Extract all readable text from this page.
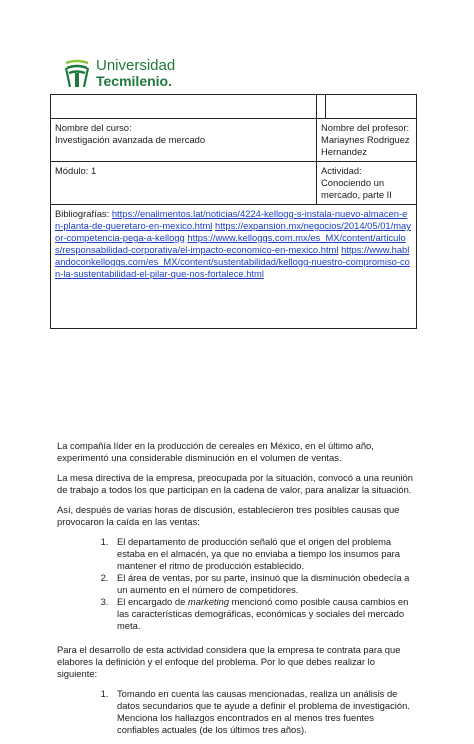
Universidad
Tecmilenio.

Nombre del curso:
Investigación avanzada de mercado	Nombre del profesor: Mariaynes Rodriguez Hernandez	
Módulo: 1	Actividad: Conociendo un mercado, parte II	
Bibliografías: https://enalimentos.lat/noticias/4224-kellogg-s-instala-nuevo-almacen-en-planta-de-queretaro-en-mexico.html https://expansion.mx/negocios/2014/05/01/mayor-competencia-pega-a-kellogg https://www.kelloggs.com.mx/es_MX/content/articulos/responsabilidad-corporativa/el-impacto-economico-en-mexico.html https://www.hablandoconkelloggs.com/es_MX/content/sustentabilidad/kellogg-nuestro-compromiso-con-la-sustentabilidad-el-pilar-que-nos-fortalece.html		

La compañía líder en la producción de cereales en México, en el último año, experimentó una considerable disminución en el volumen de ventas.

La mesa directiva de la empresa, preocupada por la situación, convocó a una reunión de trabajo a todos los que participan en la cadena de valor, para analizar la situación.

Así, después de varias horas de discusión, establecieron tres posibles causas que provocaron la caída en las ventas:

1. El departamento de producción señaló que el origen del problema estaba en el almacén, ya que no enviaba a tiempo los insumos para mantener el ritmo de producción establecido.
2. El área de ventas, por su parte, insinuó que la disminución obedecía a un aumento en el número de competidores.
3. El encargado de marketing mencionó como posible causa cambios en las características demográficas, económicas y sociales del mercado meta.

Para el desarrollo de esta actividad considera que la empresa te contrata para que elabores la definición y el enfoque del problema. Por lo que debes realizar lo siguiente:

1. Tomando en cuenta las causas mencionadas, realiza un análisis de datos secundarios que te ayude a definir el problema de investigación. Menciona los hallazgos encontrados en al menos tres fuentes confiables actuales (de los últimos tres años).
